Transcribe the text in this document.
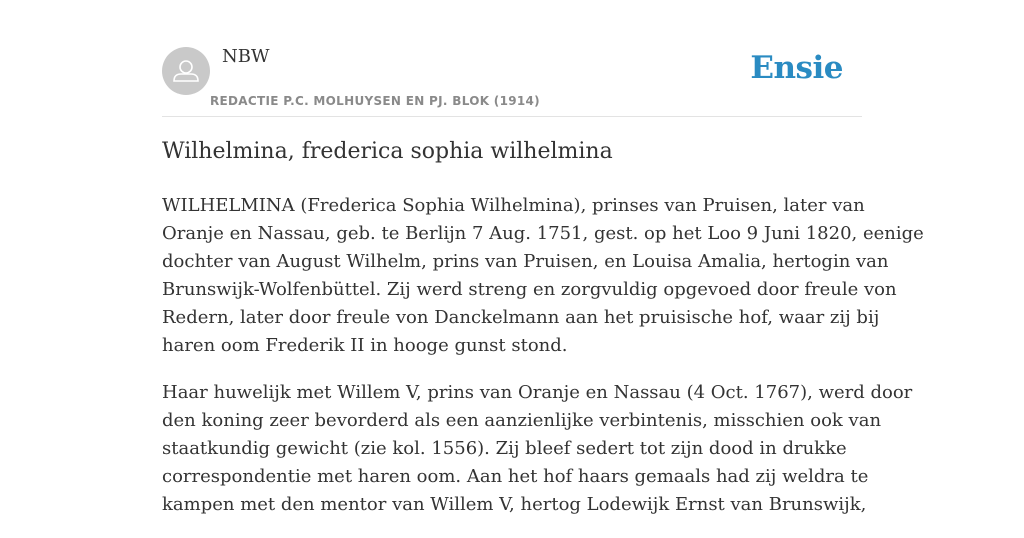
NBW
REDACTIE P.C. MOLHUYSEN EN PJ. BLOK (1914)
Ensie
Wilhelmina, frederica sophia wilhelmina
WILHELMINA (Frederica Sophia Wilhelmina), prinses van Pruisen, later van
Oranje en Nassau, geb. te Berlijn 7 Aug. 1751, gest. op het Loo 9 Juni 1820, eenige
dochter van August Wilhelm, prins van Pruisen, en Louisa Amalia, hertogin van
Brunswijk-Wolfenbüttel. Zij werd streng en zorgvuldig opgevoed door freule von
Redern, later door freule von Danckelmann aan het pruisische hof, waar zij bij
haren oom Frederik II in hooge gunst stond.
Haar huwelijk met Willem V, prins van Oranje en Nassau (4 Oct. 1767), werd door
den koning zeer bevorderd als een aanzienlijke verbintenis, misschien ook van
staatkundig gewicht (zie kol. 1556). Zij bleef sedert tot zijn dood in drukke
correspondentie met haren oom. Aan het hof haars gemaals had zij weldra te
kampen met den mentor van Willem V, hertog Lodewijk Ernst van Brunswijk,
